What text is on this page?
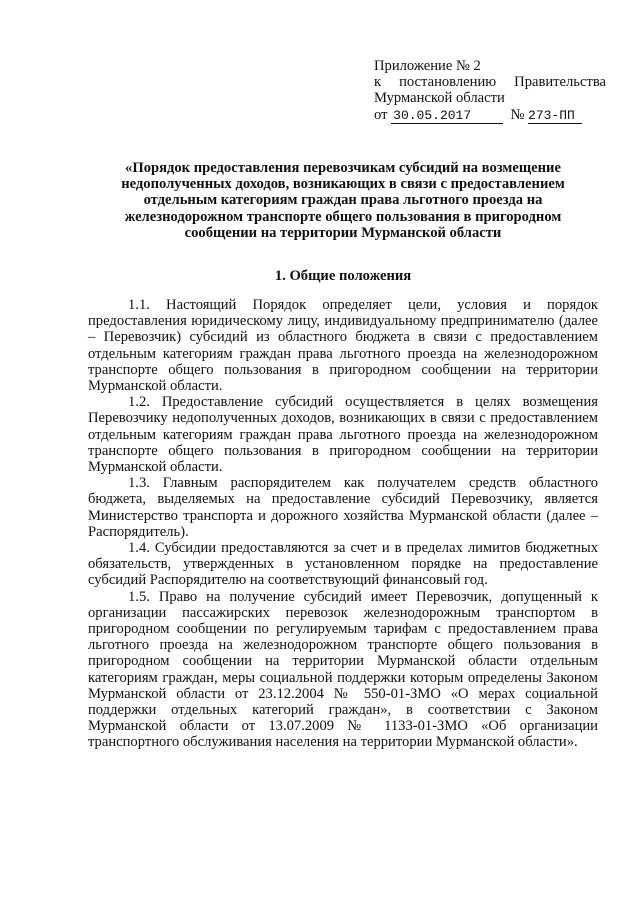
Приложение № 2
к постановлению Правительства
Мурманской области
от 30.05.2017	№ 273-ПП
«Порядок предоставления перевозчикам субсидий на возмещение недополученных доходов, возникающих в связи с предоставлением отдельным категориям граждан права льготного проезда на железнодорожном транспорте общего пользования в пригородном сообщении на территории Мурманской области
1. Общие положения

1.1. Настоящий Порядок определяет цели, условия и порядок предоставления юридическому лицу, индивидуальному предпринимателю (далее – Перевозчик) субсидий из областного бюджета в связи с предоставлением отдельным категориям граждан права льготного проезда на железнодорожном транспорте общего пользования в пригородном сообщении на территории Мурманской области.

1.2. Предоставление субсидий осуществляется в целях возмещения Перевозчику недополученных доходов, возникающих в связи с предоставлением отдельным категориям граждан права льготного проезда на железнодорожном транспорте общего пользования в пригородном сообщении на территории Мурманской области.

1.3. Главным распорядителем как получателем средств областного бюджета, выделяемых на предоставление субсидий Перевозчику, является Министерство транспорта и дорожного хозяйства Мурманской области (далее – Распорядитель).

1.4. Субсидии предоставляются за счет и в пределах лимитов бюджетных обязательств, утвержденных в установленном порядке на предоставление субсидий Распорядителю на соответствующий финансовый год.

1.5. Право на получение субсидий имеет Перевозчик, допущенный к организации пассажирских перевозок железнодорожным транспортом в пригородном сообщении по регулируемым тарифам с предоставлением права льготного проезда на железнодорожном транспорте общего пользования в пригородном сообщении на территории Мурманской области отдельным категориям граждан, меры социальной поддержки которым определены Законом Мурманской области от 23.12.2004 № 550-01-ЗМО «О мерах социальной поддержки отдельных категорий граждан», в соответствии с Законом Мурманской области от 13.07.2009 № 1133-01-ЗМО «Об организации транспортного обслуживания населения на территории Мурманской области».
